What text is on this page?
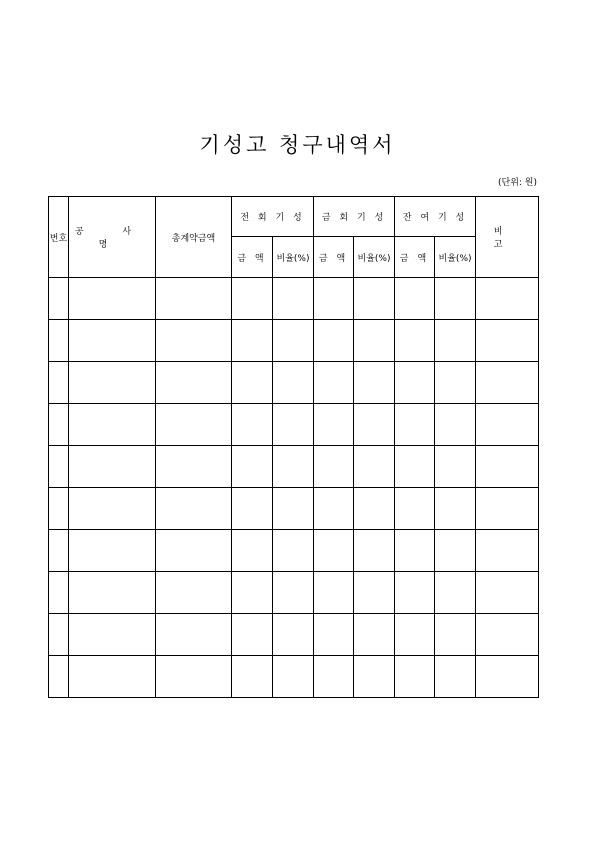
기성고 청구내역서
(단위: 원)
번호	공 사 명	총계약금액	전 회 기 성		금 회 기 성		잔 여 기 성		비 고
			금 액	비율(%)	금 액	비율(%)	금 액	비율(%)	
